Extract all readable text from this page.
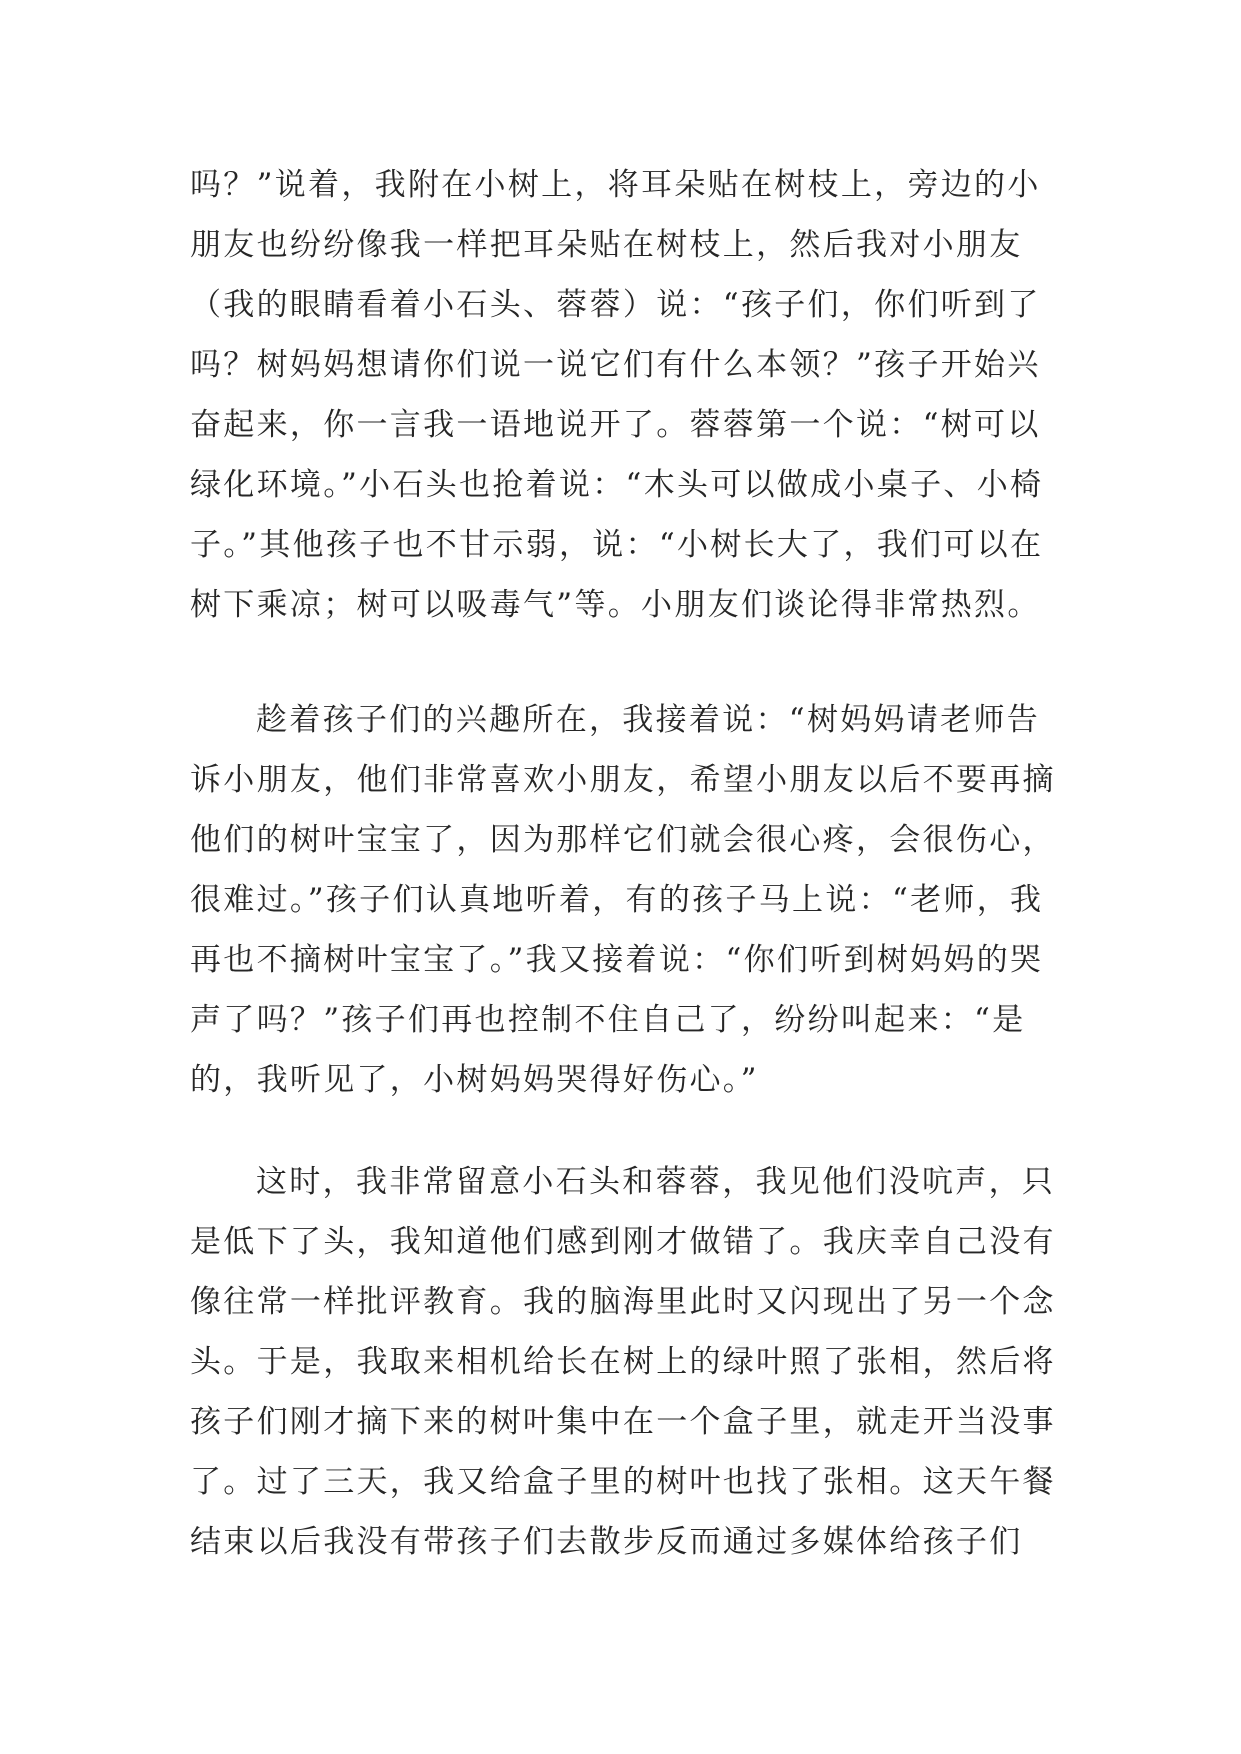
吗？”说着，我附在小树上，将耳朵贴在树枝上，旁边的小
朋友也纷纷像我一样把耳朵贴在树枝上，然后我对小朋友
（我的眼睛看着小石头、蓉蓉）说：“孩子们，你们听到了
吗？树妈妈想请你们说一说它们有什么本领？”孩子开始兴
奋起来，你一言我一语地说开了。蓉蓉第一个说：“树可以
绿化环境。”小石头也抢着说：“木头可以做成小桌子、小椅
子。”其他孩子也不甘示弱，说：“小树长大了，我们可以在
树下乘凉；树可以吸毒气”等。小朋友们谈论得非常热烈。
趁着孩子们的兴趣所在，我接着说：“树妈妈请老师告
诉小朋友，他们非常喜欢小朋友，希望小朋友以后不要再摘
他们的树叶宝宝了，因为那样它们就会很心疼，会很伤心，
很难过。”孩子们认真地听着，有的孩子马上说：“老师，我
再也不摘树叶宝宝了。”我又接着说：“你们听到树妈妈的哭
声了吗？”孩子们再也控制不住自己了，纷纷叫起来：“是
的，我听见了，小树妈妈哭得好伤心。”
这时，我非常留意小石头和蓉蓉，我见他们没吭声，只
是低下了头，我知道他们感到刚才做错了。我庆幸自己没有
像往常一样批评教育。我的脑海里此时又闪现出了另一个念
头。于是，我取来相机给长在树上的绿叶照了张相，然后将
孩子们刚才摘下来的树叶集中在一个盒子里，就走开当没事
了。过了三天，我又给盒子里的树叶也找了张相。这天午餐
结束以后我没有带孩子们去散步反而通过多媒体给孩子们
